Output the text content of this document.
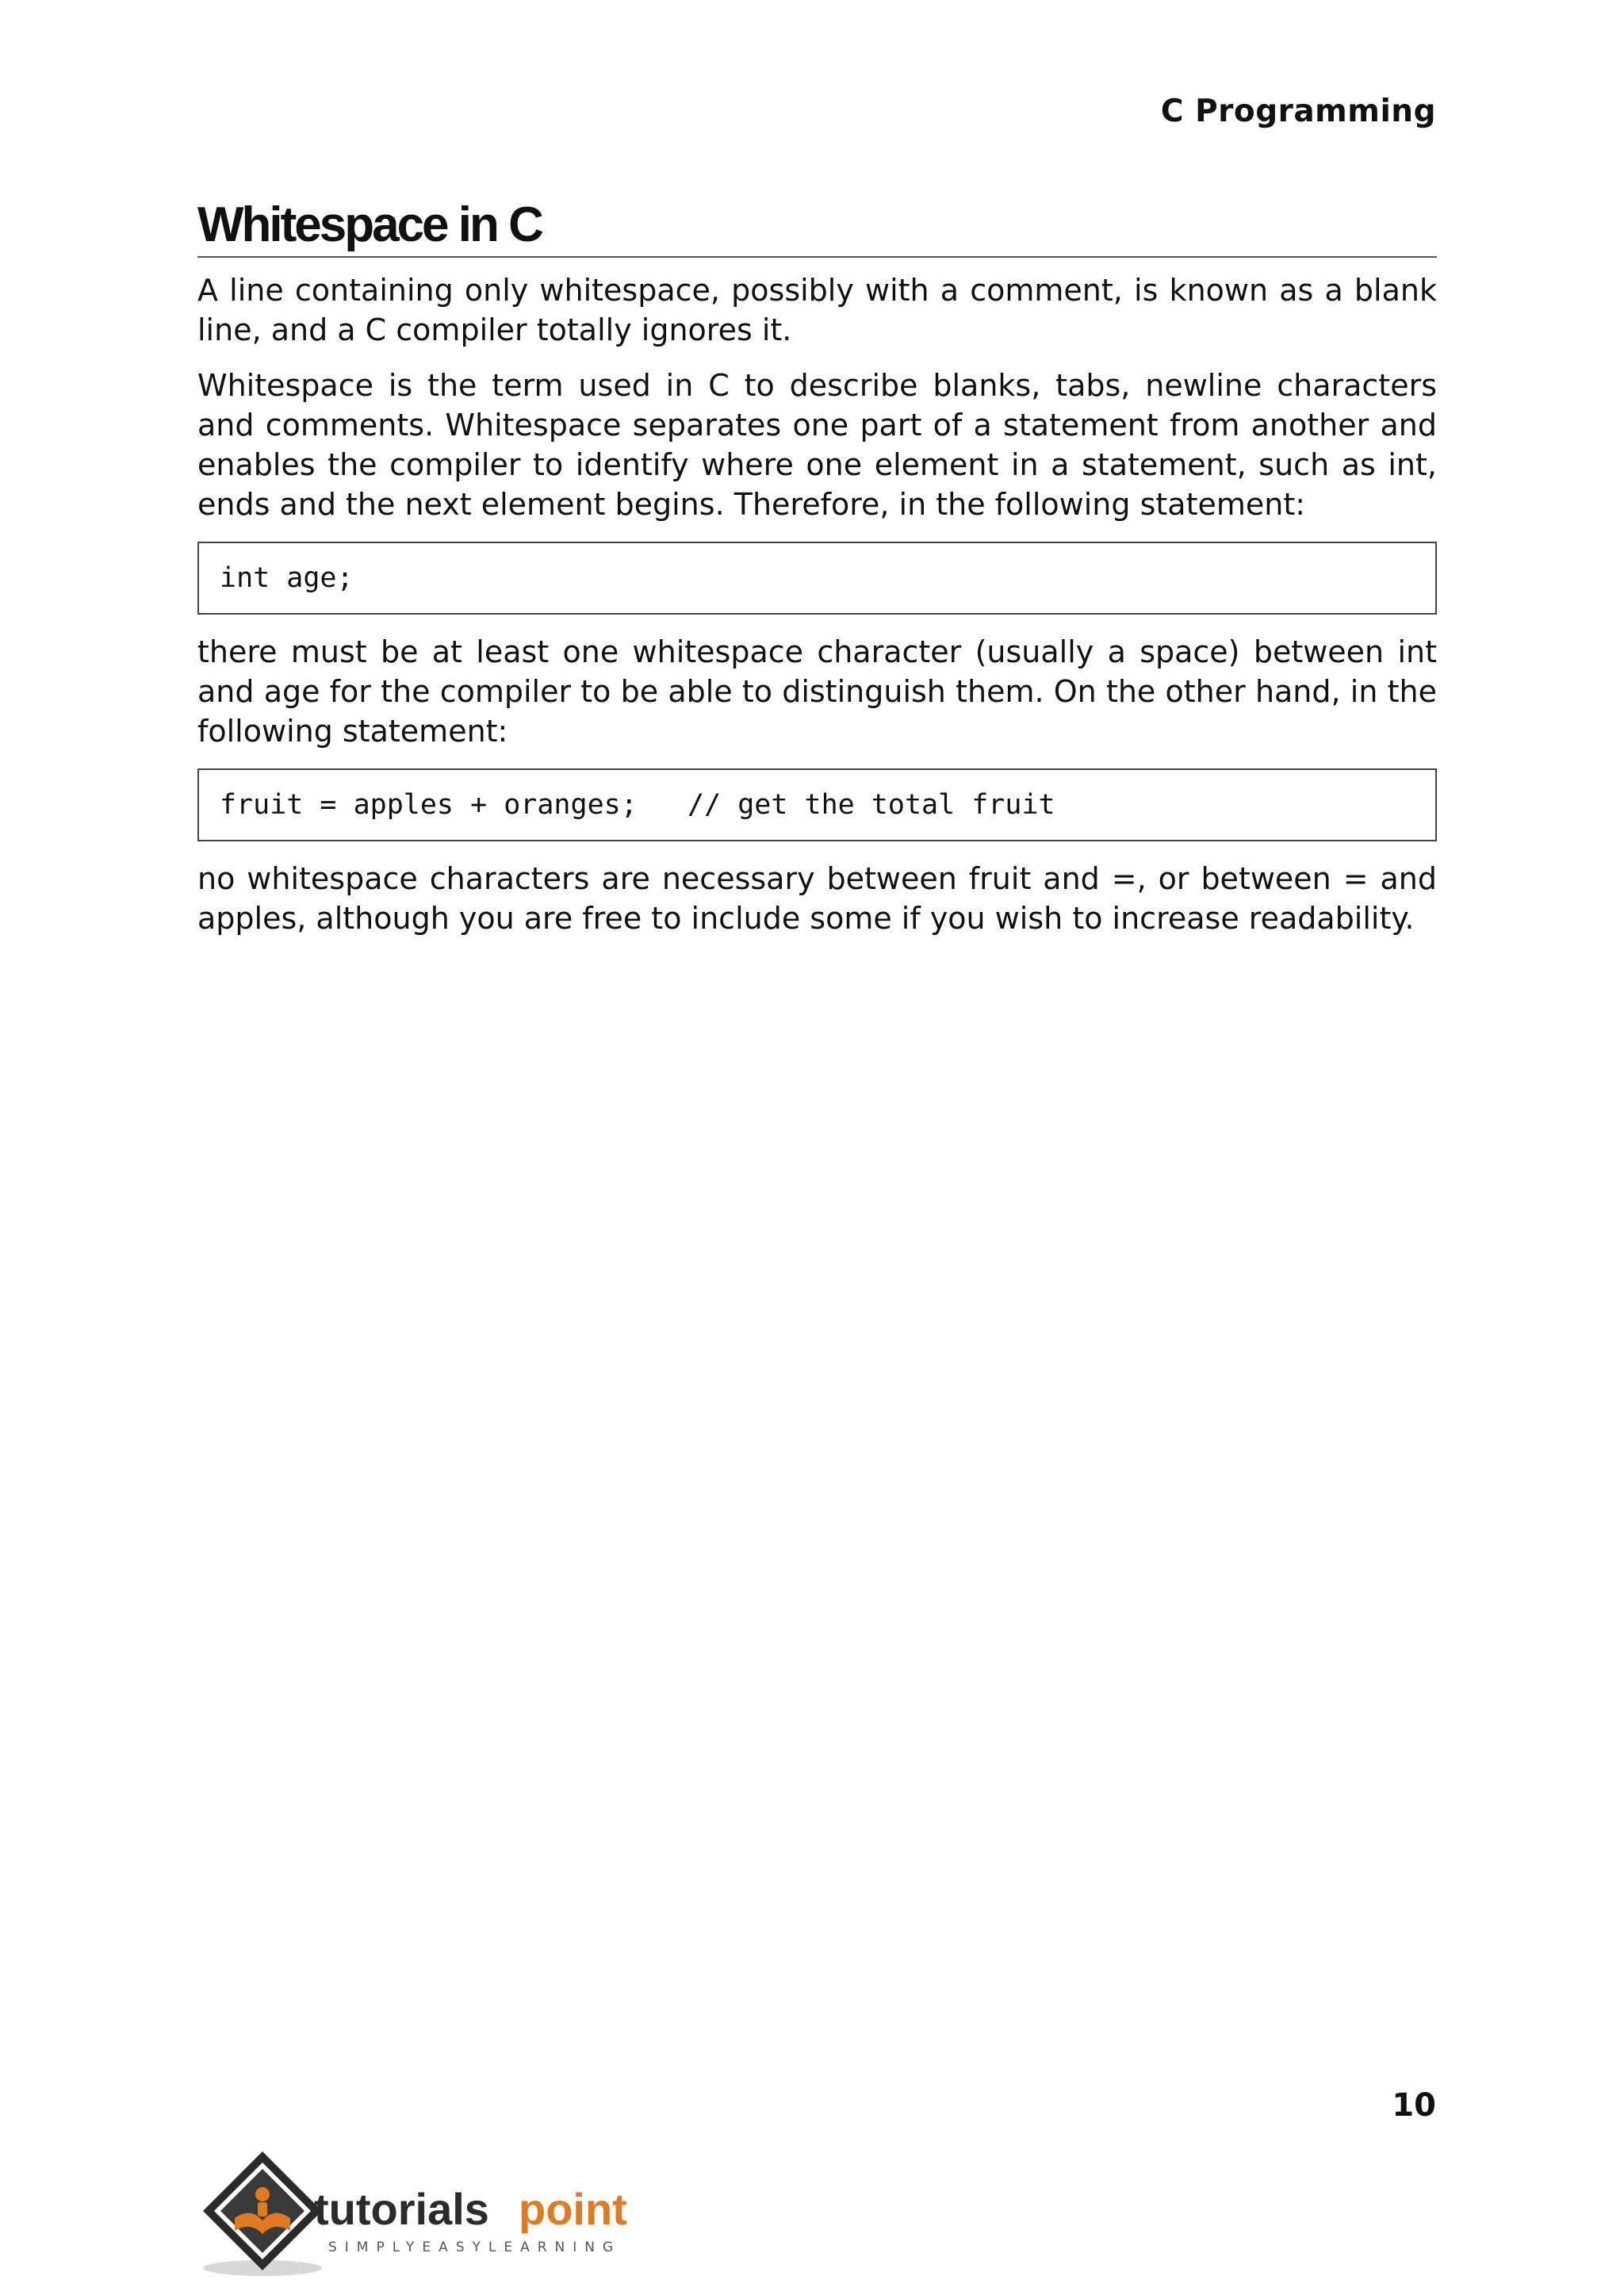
C Programming
Whitespace in C

A line containing only whitespace, possibly with a comment, is known as a blank line, and a C compiler totally ignores it.

Whitespace is the term used in C to describe blanks, tabs, newline characters and comments. Whitespace separates one part of a statement from another and enables the compiler to identify where one element in a statement, such as int, ends and the next element begins. Therefore, in the following statement:

int age;

there must be at least one whitespace character (usually a space) between int and age for the compiler to be able to distinguish them. On the other hand, in the following statement:

fruit = apples + oranges;   // get the total fruit

no whitespace characters are necessary between fruit and =, or between = and apples, although you are free to include some if you wish to increase readability.

10
tutorials point
SIMPLYEASYLEARNING
